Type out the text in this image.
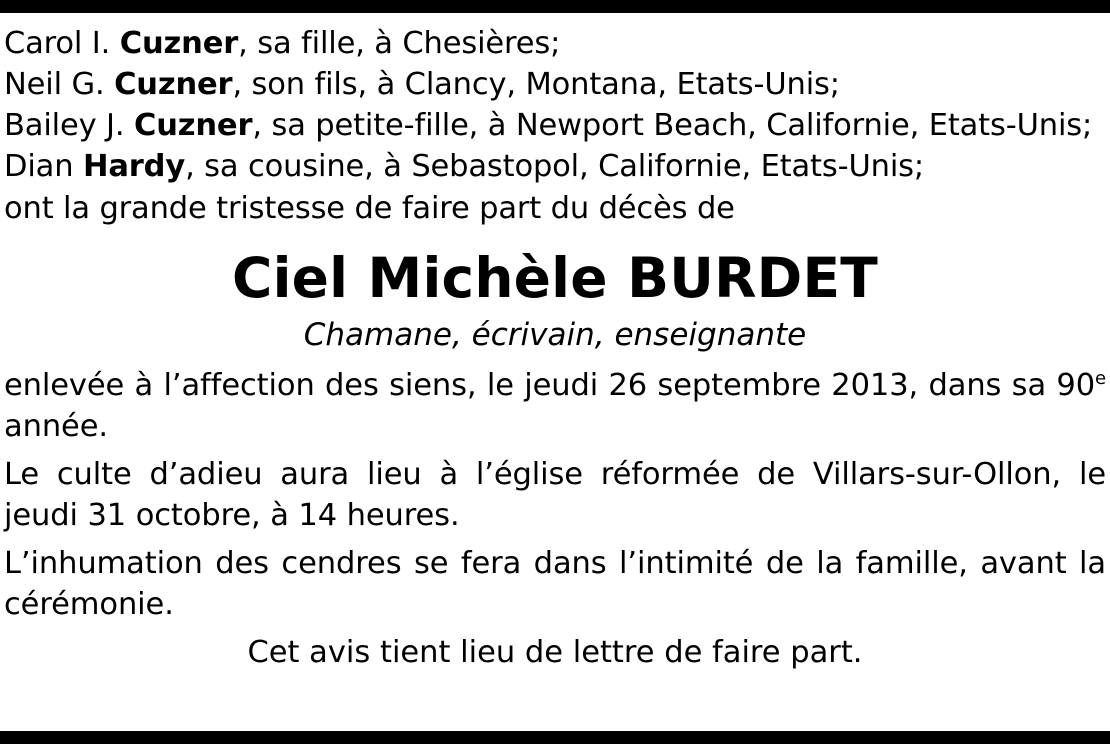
Carol I. Cuzner, sa fille, à Chesières;
Neil G. Cuzner, son fils, à Clancy, Montana, Etats-Unis;
Bailey J. Cuzner, sa petite-fille, à Newport Beach, Californie, Etats-Unis;
Dian Hardy, sa cousine, à Sebastopol, Californie, Etats-Unis;
ont la grande tristesse de faire part du décès de
Ciel Michèle BURDET
Chamane, écrivain, enseignante
enlevée à l’affection des siens, le jeudi 26 septembre 2013, dans sa 90e année.
Le culte d’adieu aura lieu à l’église réformée de Villars-sur-Ollon, le jeudi 31 octobre, à 14 heures.
L’inhumation des cendres se fera dans l’intimité de la famille, avant la cérémonie.
Cet avis tient lieu de lettre de faire part.
